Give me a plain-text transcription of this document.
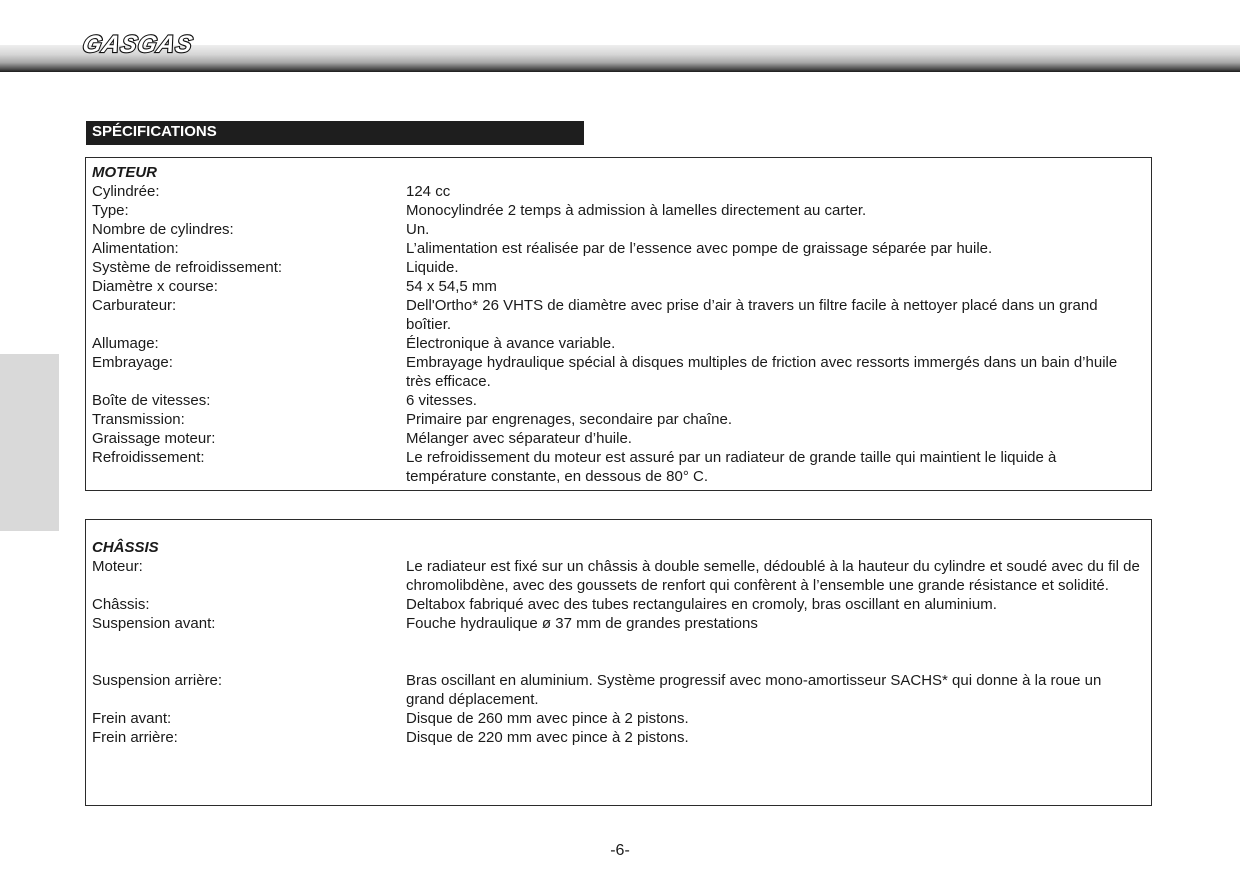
GASGAS
SPÉCIFICATIONS
MOTEUR
Cylindrée:	124 cc
Type:	Monocylindrée 2 temps à admission à lamelles directement au carter.
Nombre de cylindres:	Un.
Alimentation:	L’alimentation est réalisée par de l’essence avec pompe de graissage séparée par huile.
Système de refroidissement:	Liquide.
Diamètre x course:	54 x 54,5 mm
Carburateur:	Dell'Ortho* 26 VHTS de diamètre avec prise d’air à travers un filtre facile à nettoyer placé dans un grand boîtier.
Allumage:	Électronique à avance variable.
Embrayage:	Embrayage hydraulique spécial à disques multiples de friction avec ressorts immergés dans un bain d’huile très efficace.
Boîte de vitesses:	6 vitesses.
Transmission:	Primaire par engrenages, secondaire par chaîne.
Graissage moteur:	Mélanger avec séparateur d’huile.
Refroidissement:	Le refroidissement du moteur est assuré par un radiateur de grande taille qui maintient le liquide à température constante, en dessous de 80° C.
CHÂSSIS
Moteur:	Le radiateur est fixé sur un châssis à double semelle, dédoublé à la hauteur du cylindre et soudé avec du fil de chromolibdène, avec des goussets de renfort qui confèrent à l’ensemble une grande résistance et solidité.
Châssis:	Deltabox fabriqué avec des tubes rectangulaires en cromoly, bras oscillant en aluminium.
Suspension avant:	Fouche hydraulique ø 37 mm de grandes prestations
Suspension arrière:	Bras oscillant en aluminium. Système progressif avec mono-amortisseur SACHS* qui donne à la roue un grand déplacement.
Frein avant:	Disque de 260 mm avec pince à 2 pistons.
Frein arrière:	Disque de 220 mm avec pince à 2 pistons.
-6-
